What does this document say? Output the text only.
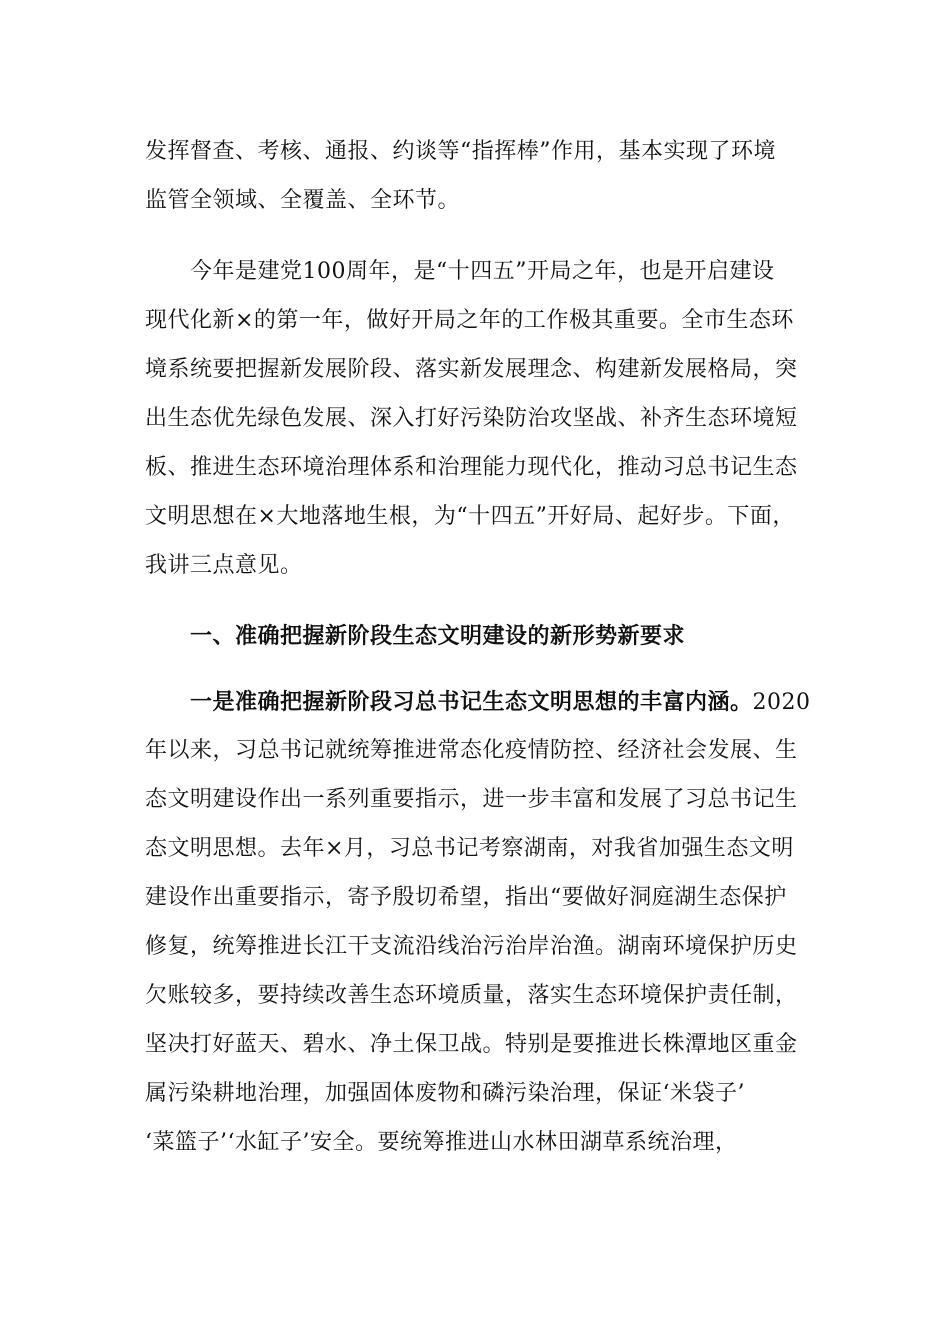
发挥督查、考核、通报、约谈等“指挥棒”作用，基本实现了环境
监管全领域、全覆盖、全环节。
今年是建党100周年，是“十四五”开局之年，也是开启建设
现代化新×的第一年，做好开局之年的工作极其重要。全市生态环
境系统要把握新发展阶段、落实新发展理念、构建新发展格局，突
出生态优先绿色发展、深入打好污染防治攻坚战、补齐生态环境短
板、推进生态环境治理体系和治理能力现代化，推动习总书记生态
文明思想在×大地落地生根，为“十四五”开好局、起好步。下面，
我讲三点意见。
一、准确把握新阶段生态文明建设的新形势新要求
一是准确把握新阶段习总书记生态文明思想的丰富内涵。2020
年以来，习总书记就统筹推进常态化疫情防控、经济社会发展、生
态文明建设作出一系列重要指示，进一步丰富和发展了习总书记生
态文明思想。去年×月，习总书记考察湖南，对我省加强生态文明
建设作出重要指示，寄予殷切希望，指出“要做好洞庭湖生态保护
修复，统筹推进长江干支流沿线治污治岸治渔。湖南环境保护历史
欠账较多，要持续改善生态环境质量，落实生态环境保护责任制，
坚决打好蓝天、碧水、净土保卫战。特别是要推进长株潭地区重金
属污染耕地治理，加强固体废物和磷污染治理，保证‘米袋子’
‘菜篮子’‘水缸子’安全。要统筹推进山水林田湖草系统治理，
